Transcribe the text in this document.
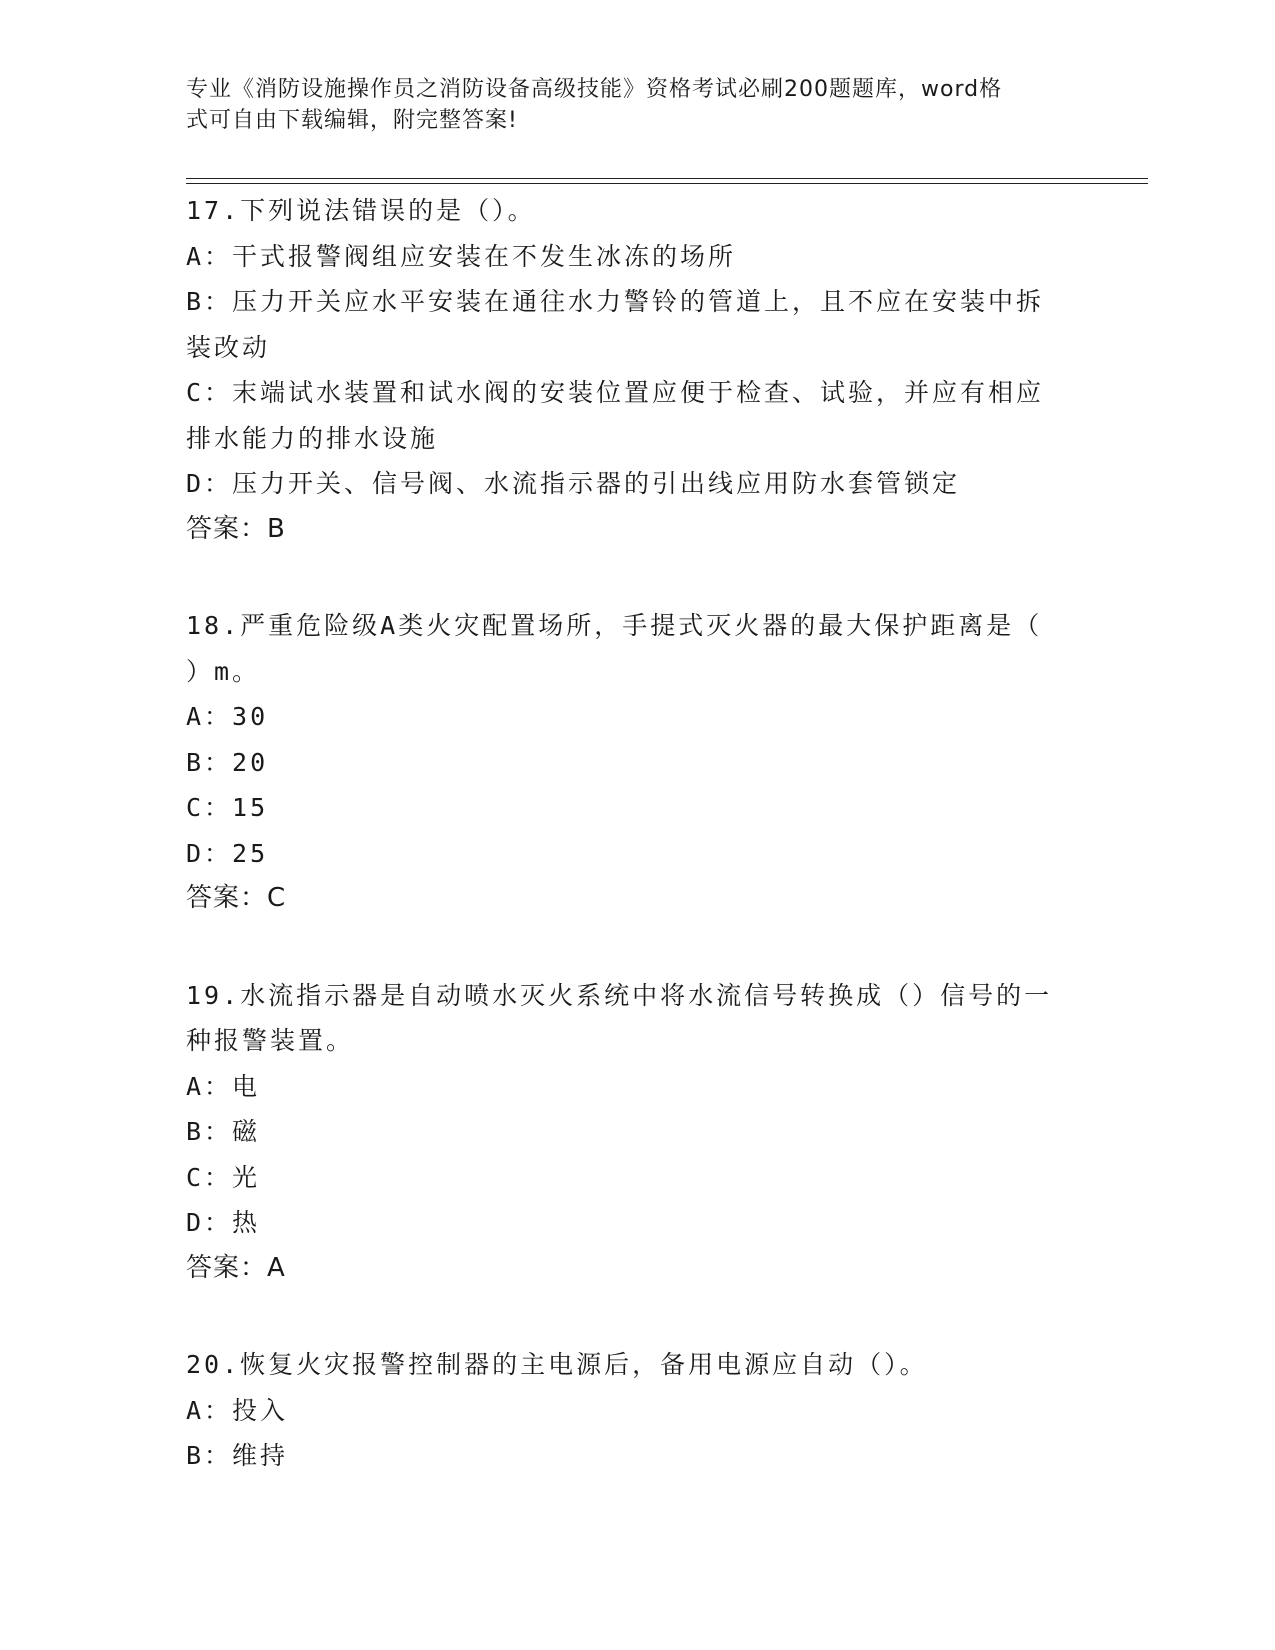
专业《消防设施操作员之消防设备高级技能》资格考试必刷200题题库，word格
式可自由下载编辑，附完整答案!

17.下列说法错误的是（）。

A：干式报警阀组应安装在不发生冰冻的场所

B：压力开关应水平安装在通往水力警铃的管道上，且不应在安装中拆

装改动

C：末端试水装置和试水阀的安装位置应便于检查、试验，并应有相应

排水能力的排水设施

D：压力开关、信号阀、水流指示器的引出线应用防水套管锁定

答案：B

18.严重危险级A类火灾配置场所，手提式灭火器的最大保护距离是（

）m。

A：30

B：20

C：15

D：25

答案：C

19.水流指示器是自动喷水灭火系统中将水流信号转换成（）信号的一

种报警装置。

A：电

B：磁

C：光

D：热

答案：A

20.恢复火灾报警控制器的主电源后，备用电源应自动（）。

A：投入

B：维持
